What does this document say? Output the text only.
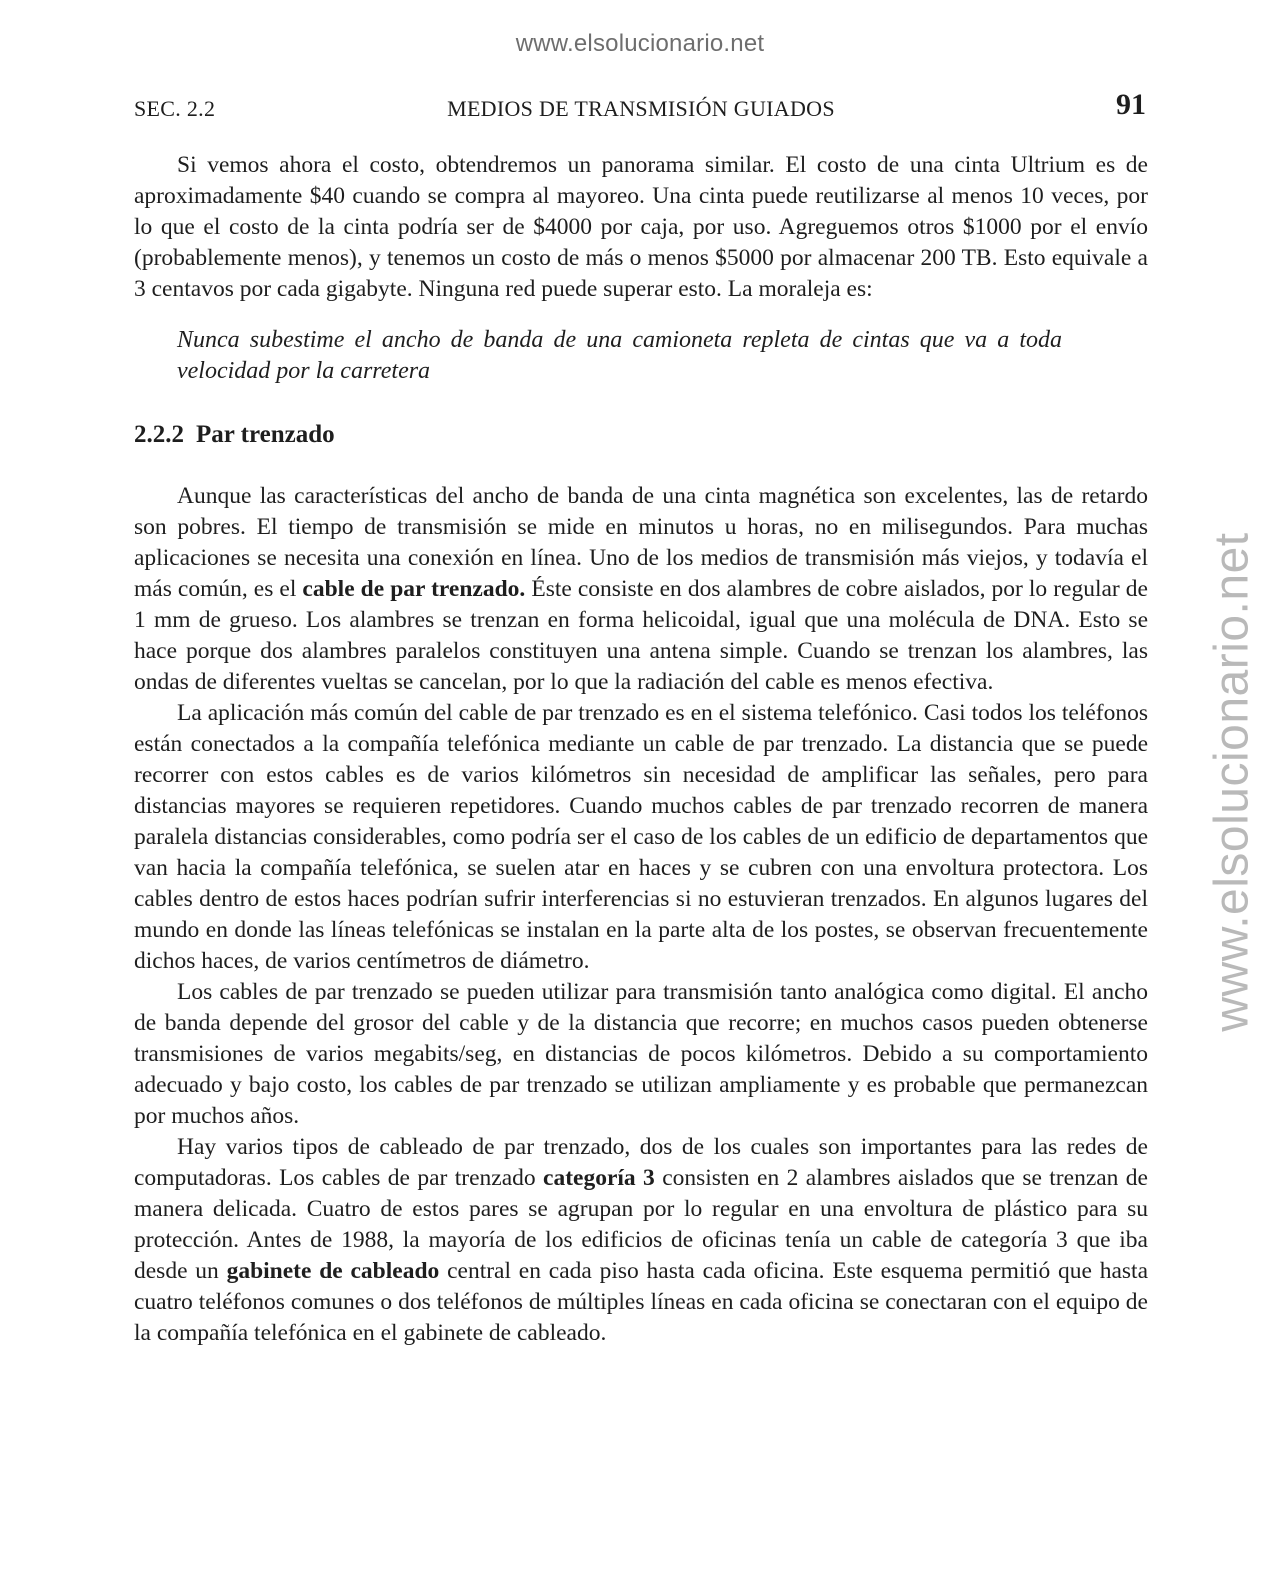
www.elsolucionario.net
www.elsolucionario.net
SEC. 2.2	MEDIOS DE TRANSMISIÓN GUIADOS	91

Si vemos ahora el costo, obtendremos un panorama similar. El costo de una cinta Ultrium es de aproximadamente $40 cuando se compra al mayoreo. Una cinta puede reutilizarse al menos 10 veces, por lo que el costo de la cinta podría ser de $4000 por caja, por uso. Agreguemos otros $1000 por el envío (probablemente menos), y tenemos un costo de más o menos $5000 por almacenar 200 TB. Esto equivale a 3 centavos por cada gigabyte. Ninguna red puede superar esto. La moraleja es:

Nunca subestime el ancho de banda de una camioneta repleta de cintas que va a toda velocidad por la carretera

2.2.2 Par trenzado

Aunque las características del ancho de banda de una cinta magnética son excelentes, las de retardo son pobres. El tiempo de transmisión se mide en minutos u horas, no en milisegundos. Para muchas aplicaciones se necesita una conexión en línea. Uno de los medios de transmisión más viejos, y todavía el más común, es el cable de par trenzado. Éste consiste en dos alambres de cobre aislados, por lo regular de 1 mm de grueso. Los alambres se trenzan en forma helicoidal, igual que una molécula de DNA. Esto se hace porque dos alambres paralelos constituyen una antena simple. Cuando se trenzan los alambres, las ondas de diferentes vueltas se cancelan, por lo que la radiación del cable es menos efectiva.

La aplicación más común del cable de par trenzado es en el sistema telefónico. Casi todos los teléfonos están conectados a la compañía telefónica mediante un cable de par trenzado. La distancia que se puede recorrer con estos cables es de varios kilómetros sin necesidad de amplificar las señales, pero para distancias mayores se requieren repetidores. Cuando muchos cables de par trenzado recorren de manera paralela distancias considerables, como podría ser el caso de los cables de un edificio de departamentos que van hacia la compañía telefónica, se suelen atar en haces y se cubren con una envoltura protectora. Los cables dentro de estos haces podrían sufrir interferencias si no estuvieran trenzados. En algunos lugares del mundo en donde las líneas telefónicas se instalan en la parte alta de los postes, se observan frecuentemente dichos haces, de varios centímetros de diámetro.

Los cables de par trenzado se pueden utilizar para transmisión tanto analógica como digital. El ancho de banda depende del grosor del cable y de la distancia que recorre; en muchos casos pueden obtenerse transmisiones de varios megabits/seg, en distancias de pocos kilómetros. Debido a su comportamiento adecuado y bajo costo, los cables de par trenzado se utilizan ampliamente y es probable que permanezcan por muchos años.

Hay varios tipos de cableado de par trenzado, dos de los cuales son importantes para las redes de computadoras. Los cables de par trenzado categoría 3 consisten en 2 alambres aislados que se trenzan de manera delicada. Cuatro de estos pares se agrupan por lo regular en una envoltura de plástico para su protección. Antes de 1988, la mayoría de los edificios de oficinas tenía un cable de categoría 3 que iba desde un gabinete de cableado central en cada piso hasta cada oficina. Este esquema permitió que hasta cuatro teléfonos comunes o dos teléfonos de múltiples líneas en cada oficina se conectaran con el equipo de la compañía telefónica en el gabinete de cableado.
